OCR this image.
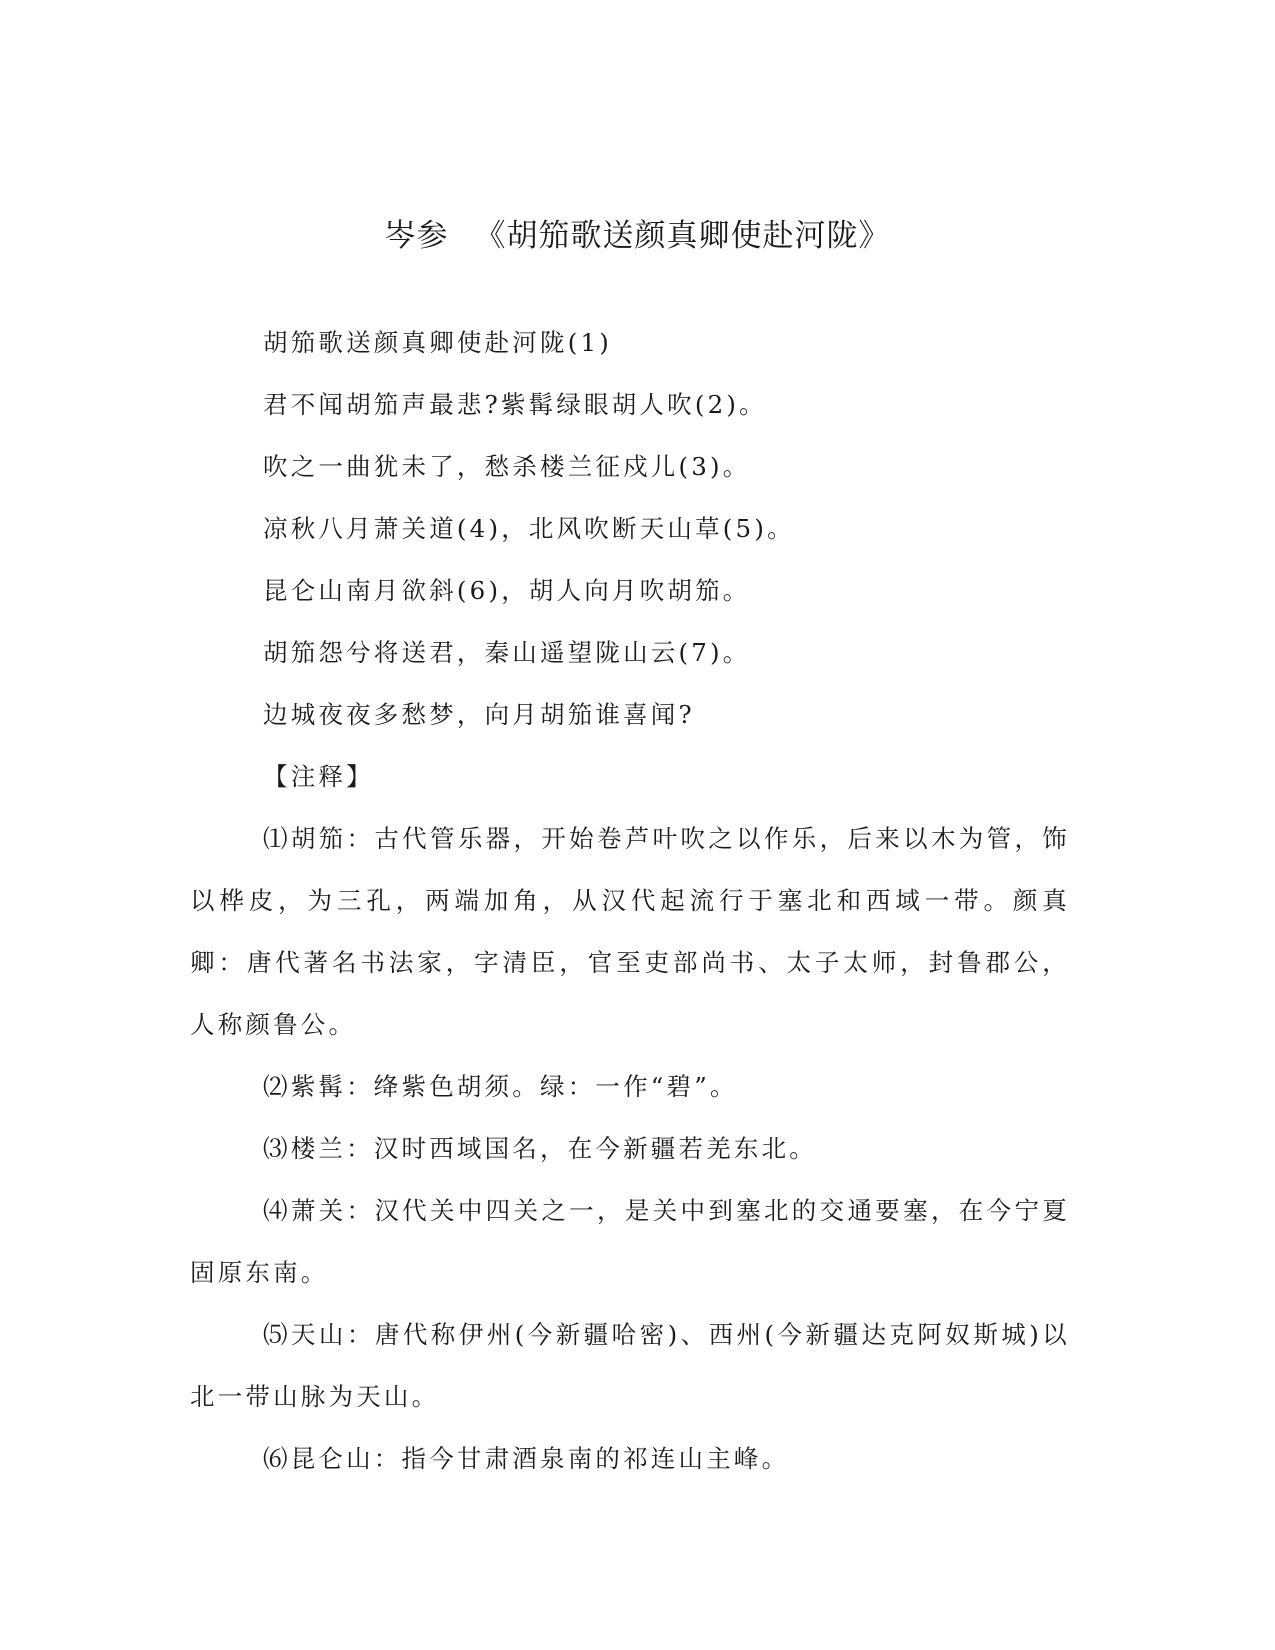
岑参 《胡笳歌送颜真卿使赴河陇》
胡笳歌送颜真卿使赴河陇(1)
君不闻胡笳声最悲?紫髯绿眼胡人吹(2)。
吹之一曲犹未了，愁杀楼兰征戍儿(3)。
凉秋八月萧关道(4)，北风吹断天山草(5)。
昆仑山南月欲斜(6)，胡人向月吹胡笳。
胡笳怨兮将送君，秦山遥望陇山云(7)。
边城夜夜多愁梦，向月胡笳谁喜闻?
【注释】

⑴胡笳：古代管乐器，开始卷芦叶吹之以作乐，后来以木为管，饰以桦皮，为三孔，两端加角，从汉代起流行于塞北和西域一带。颜真卿：唐代著名书法家，字清臣，官至吏部尚书、太子太师，封鲁郡公，人称颜鲁公。

⑵紫髯：绛紫色胡须。绿：一作“碧”。

⑶楼兰：汉时西域国名，在今新疆若羌东北。

⑷萧关：汉代关中四关之一，是关中到塞北的交通要塞，在今宁夏固原东南。

⑸天山：唐代称伊州(今新疆哈密)、西州(今新疆达克阿奴斯城)以北一带山脉为天山。

⑹昆仑山：指今甘肃酒泉南的祁连山主峰。
